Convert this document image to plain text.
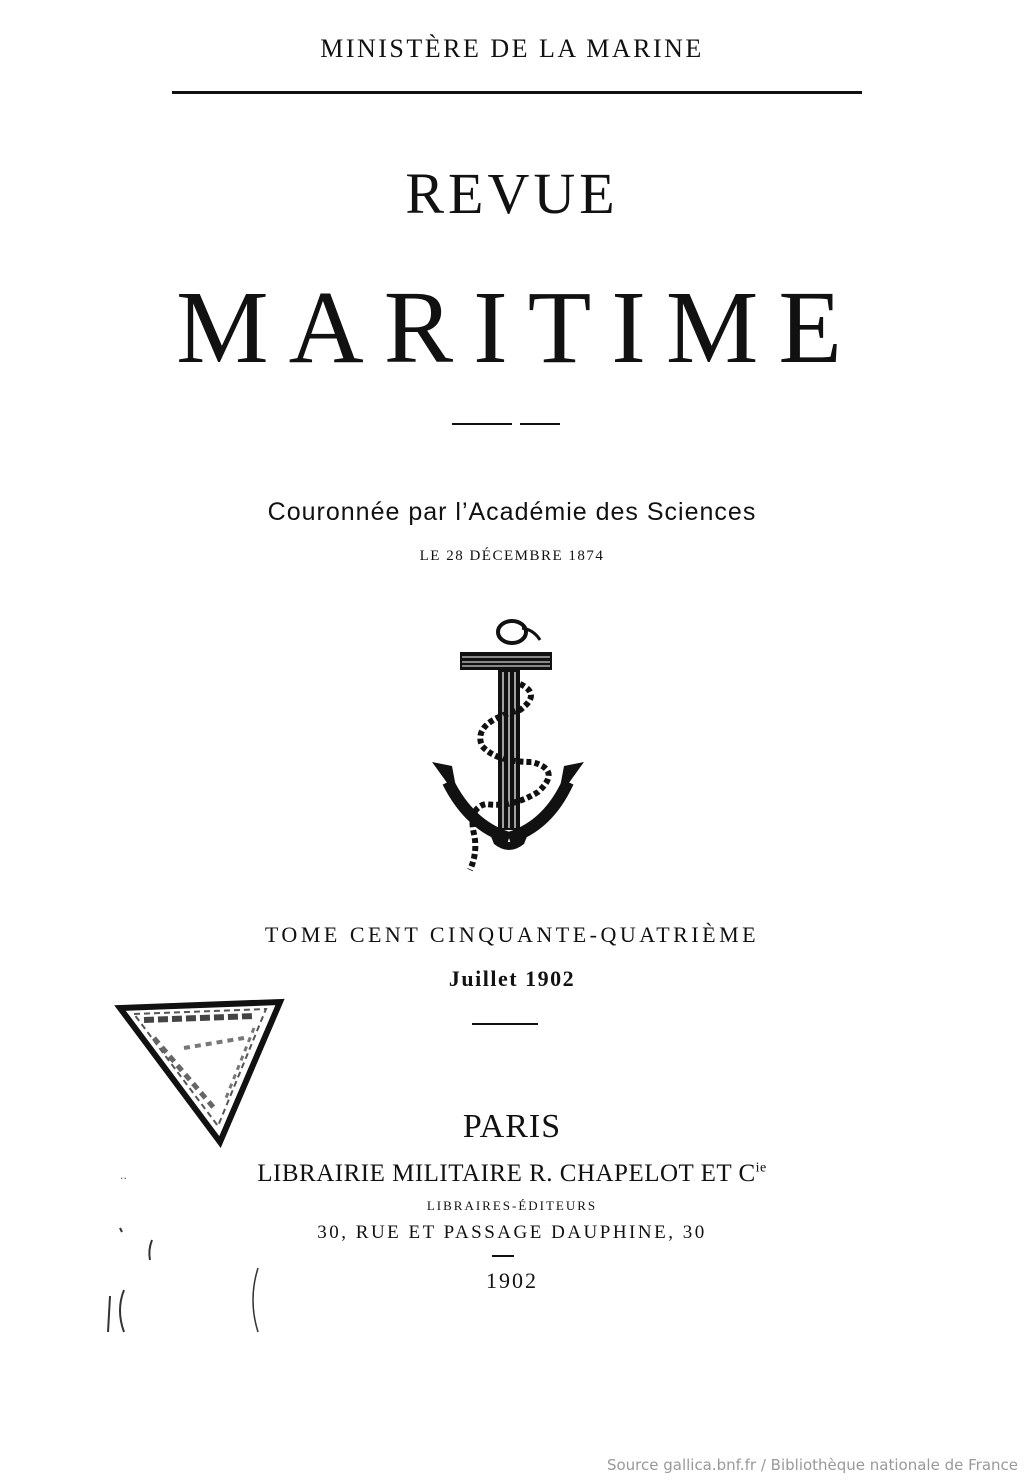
MINISTÈRE DE LA MARINE
REVUE
MARITIME
Couronnée par l’Académie des Sciences
LE 28 DÉCEMBRE 1874
TOME CENT CINQUANTE-QUATRIÈME
Juillet 1902
PARIS
LIBRAIRIE MILITAIRE R. CHAPELOT ET $C^{ie}$
LIBRAIRES-ÉDITEURS
30, RUE ET PASSAGE DAUPHINE, 30
1902
··
Source gallica.bnf.fr / Bibliothèque nationale de France
